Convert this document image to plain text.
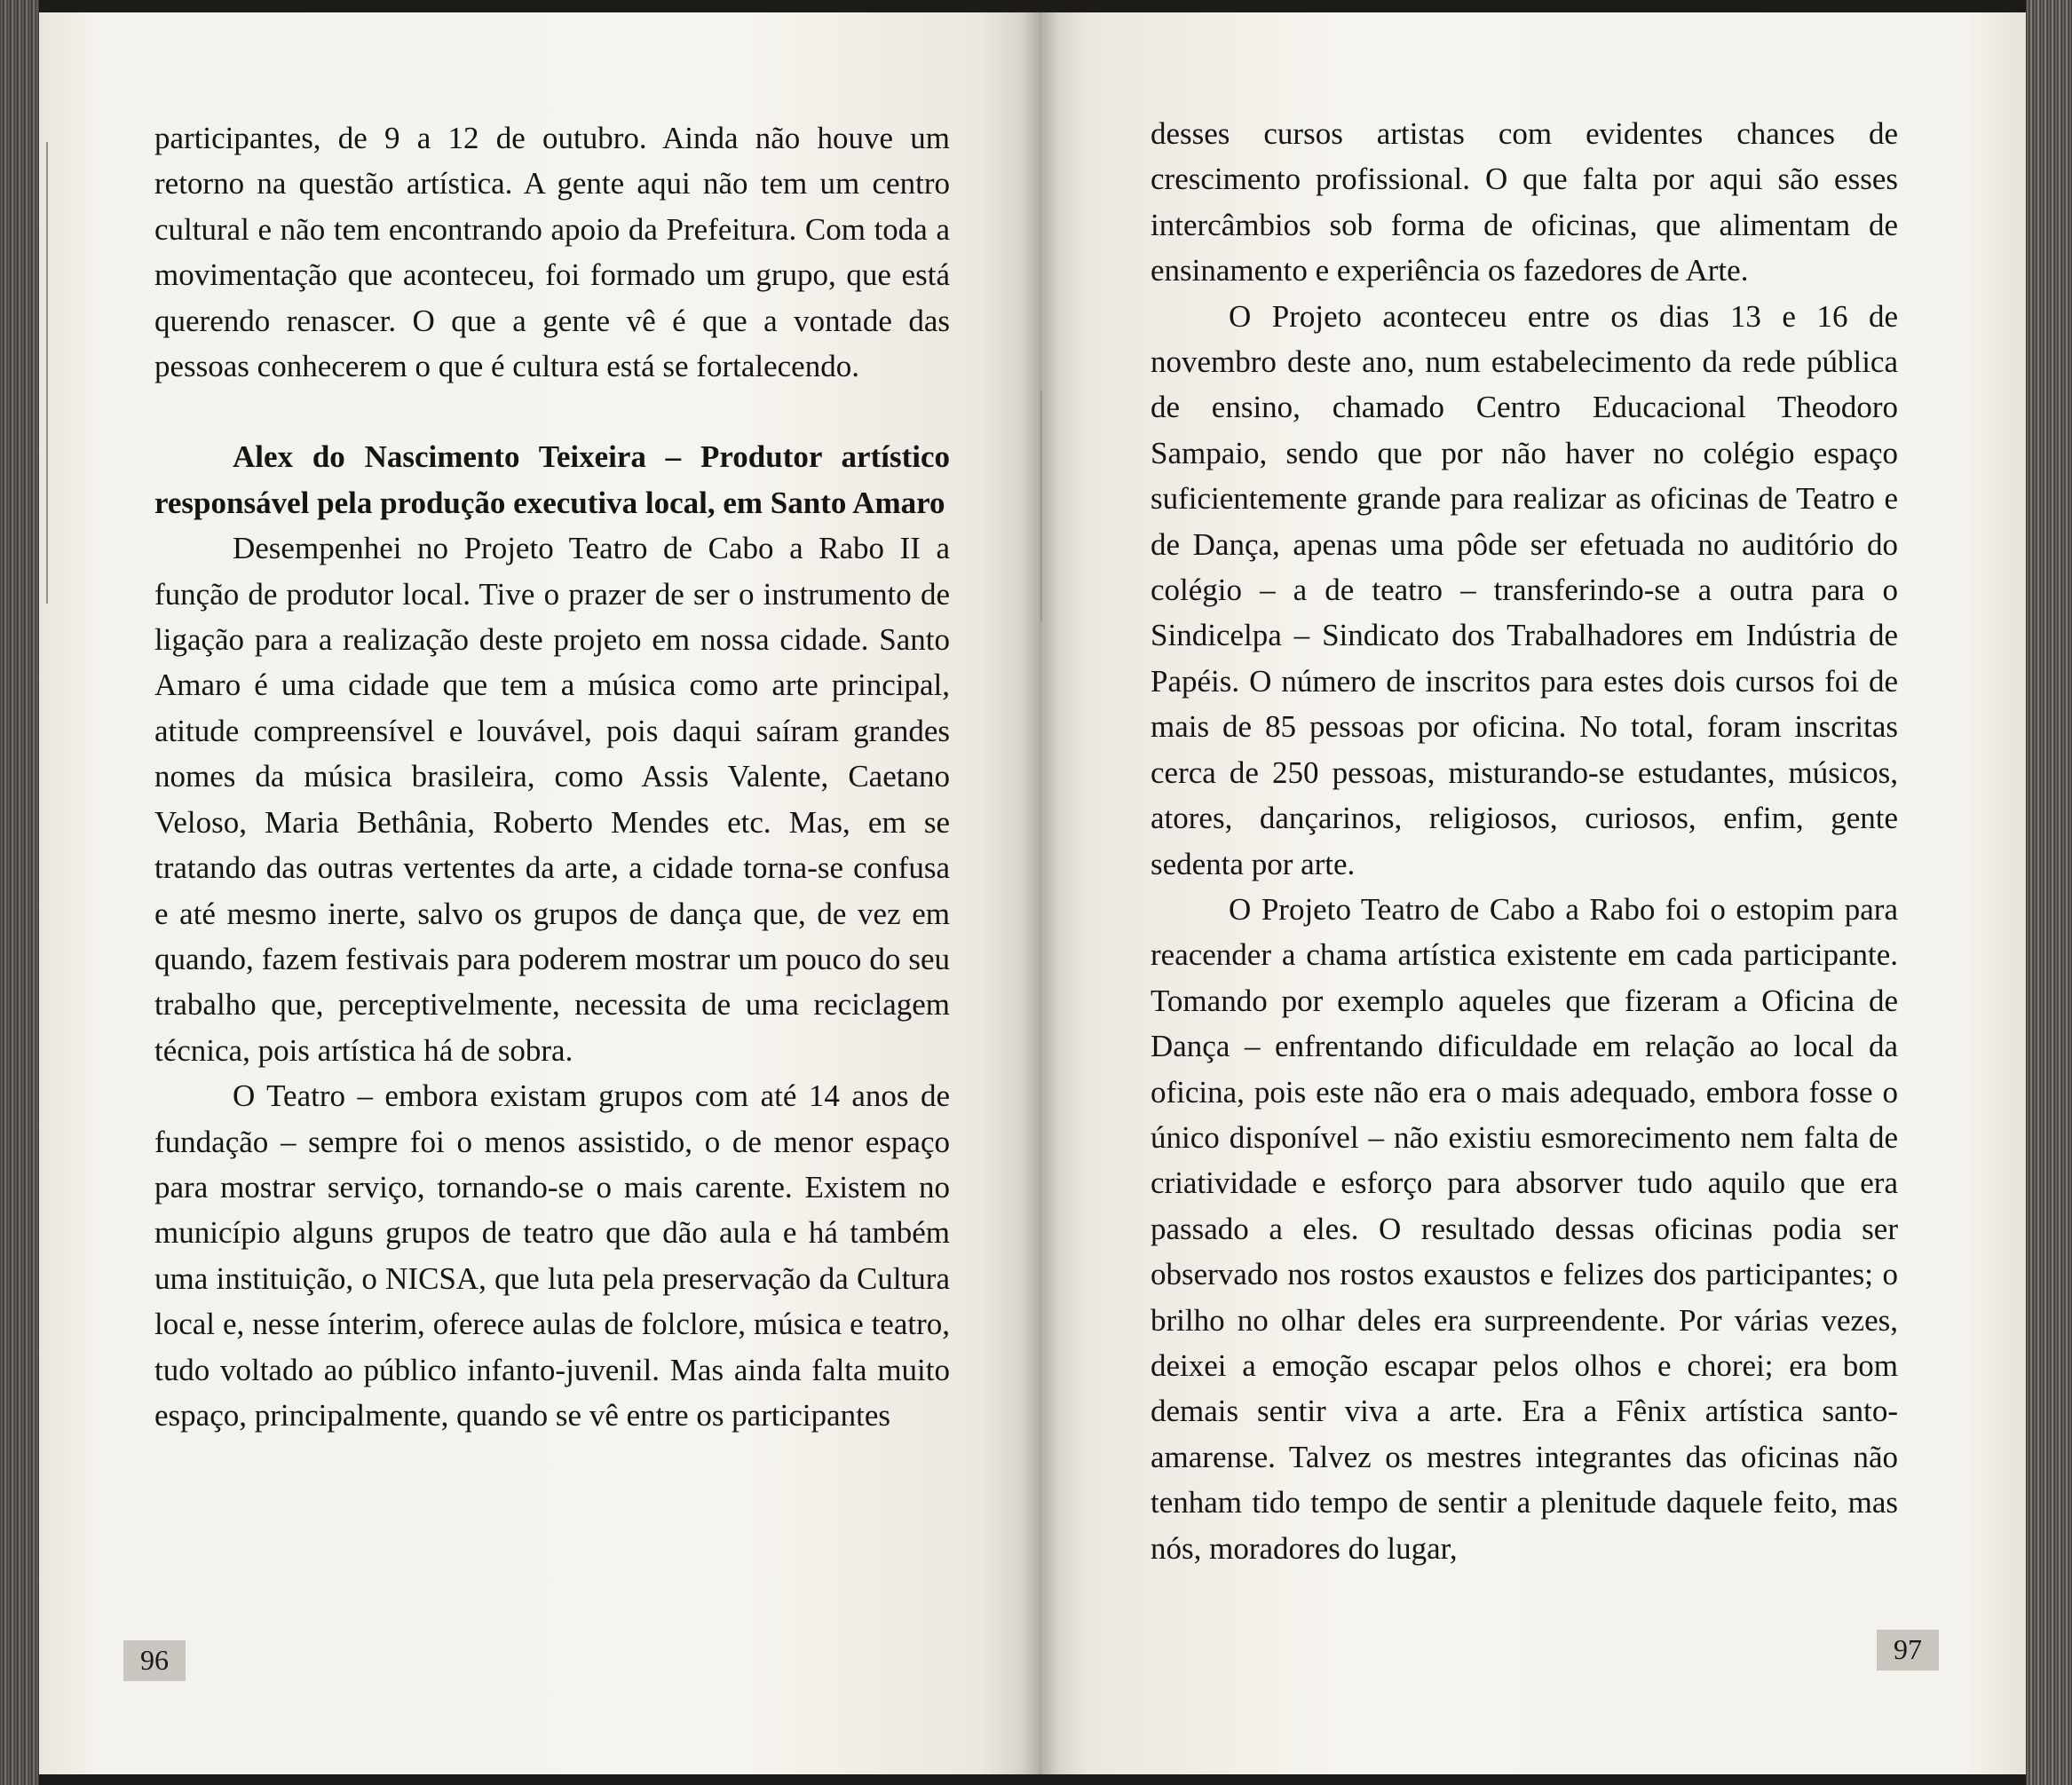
participantes, de 9 a 12 de outubro. Ainda não houve um retorno na questão artística. A gente aqui não tem um centro cultural e não tem encontrando apoio da Prefeitura. Com toda a movimentação que aconteceu, foi formado um grupo, que está querendo renascer. O que a gente vê é que a vontade das pessoas conhecerem o que é cultura está se fortalecendo.

Alex do Nascimento Teixeira – Produtor artístico responsável pela produção executiva local, em Santo Amaro

Desempenhei no Projeto Teatro de Cabo a Rabo II a função de produtor local. Tive o prazer de ser o instrumento de ligação para a realização deste projeto em nossa cidade. Santo Amaro é uma cidade que tem a música como arte principal, atitude compreensível e louvável, pois daqui saíram grandes nomes da música brasileira, como Assis Valente, Caetano Veloso, Maria Bethânia, Roberto Mendes etc. Mas, em se tratando das outras vertentes da arte, a cidade torna-se confusa e até mesmo inerte, salvo os grupos de dança que, de vez em quando, fazem festivais para poderem mostrar um pouco do seu trabalho que, perceptivelmente, necessita de uma reciclagem técnica, pois artística há de sobra.

O Teatro – embora existam grupos com até 14 anos de fundação – sempre foi o menos assistido, o de menor espaço para mostrar serviço, tornando-se o mais carente. Existem no município alguns grupos de teatro que dão aula e há também uma instituição, o NICSA, que luta pela preservação da Cultura local e, nesse ínterim, oferece aulas de folclore, música e teatro, tudo voltado ao público infanto-juvenil. Mas ainda falta muito espaço, principalmente, quando se vê entre os participantes

desses cursos artistas com evidentes chances de crescimento profissional. O que falta por aqui são esses intercâmbios sob forma de oficinas, que alimentam de ensinamento e experiência os fazedores de Arte.

O Projeto aconteceu entre os dias 13 e 16 de novembro deste ano, num estabelecimento da rede pública de ensino, chamado Centro Educacional Theodoro Sampaio, sendo que por não haver no colégio espaço suficientemente grande para realizar as oficinas de Teatro e de Dança, apenas uma pôde ser efetuada no auditório do colégio – a de teatro – transferindo-se a outra para o Sindicelpa – Sindicato dos Trabalhadores em Indústria de Papéis. O número de inscritos para estes dois cursos foi de mais de 85 pessoas por oficina. No total, foram inscritas cerca de 250 pessoas, misturando-se estudantes, músicos, atores, dançarinos, religiosos, curiosos, enfim, gente sedenta por arte.

O Projeto Teatro de Cabo a Rabo foi o estopim para reacender a chama artística existente em cada participante. Tomando por exemplo aqueles que fizeram a Oficina de Dança – enfrentando dificuldade em relação ao local da oficina, pois este não era o mais adequado, embora fosse o único disponível – não existiu esmorecimento nem falta de criatividade e esforço para absorver tudo aquilo que era passado a eles. O resultado dessas oficinas podia ser observado nos rostos exaustos e felizes dos participantes; o brilho no olhar deles era surpreendente. Por várias vezes, deixei a emoção escapar pelos olhos e chorei; era bom demais sentir viva a arte. Era a Fênix artística santo-amarense. Talvez os mestres integrantes das oficinas não tenham tido tempo de sentir a plenitude daquele feito, mas nós, moradores do lugar,

96	97
